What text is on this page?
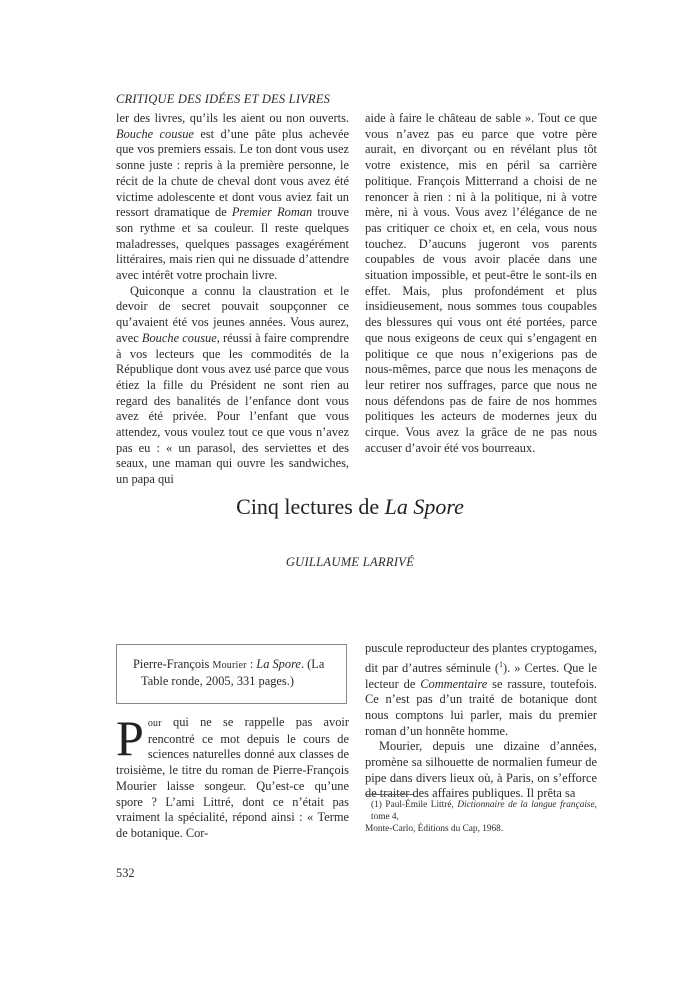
CRITIQUE DES IDÉES ET DES LIVRES

ler des livres, qu’ils les aient ou non ouverts. Bouche cousue est d’une pâte plus achevée que vos premiers essais. Le ton dont vous usez sonne juste : repris à la première personne, le récit de la chute de cheval dont vous avez été victime adolescente et dont vous aviez fait un ressort dramatique de Premier Roman trouve son rythme et sa couleur. Il reste quelques maladresses, quelques passages exagérément littéraires, mais rien qui ne dissuade d’attendre avec intérêt votre prochain livre.

Quiconque a connu la claustration et le devoir de secret pouvait soupçonner ce qu’avaient été vos jeunes années. Vous aurez, avec Bouche cousue, réussi à faire comprendre à vos lecteurs que les commodités de la République dont vous avez usé parce que vous étiez la fille du Président ne sont rien au regard des banalités de l’enfance dont vous avez été privée. Pour l’enfant que vous attendez, vous voulez tout ce que vous n’avez pas eu : « un parasol, des serviettes et des seaux, une maman qui ouvre les sandwiches, un papa qui

aide à faire le château de sable ». Tout ce que vous n’avez pas eu parce que votre père aurait, en divorçant ou en révélant plus tôt votre existence, mis en péril sa carrière politique. François Mitterrand a choisi de ne renoncer à rien : ni à la politique, ni à votre mère, ni à vous. Vous avez l’élégance de ne pas critiquer ce choix et, en cela, vous nous touchez. D’aucuns jugeront vos parents coupables de vous avoir placée dans une situation impossible, et peut-être le sont-ils en effet. Mais, plus profondément et plus insidieusement, nous sommes tous coupables des blessures qui vous ont été portées, parce que nous exigeons de ceux qui s’engagent en politique ce que nous n’exigerions pas de nous-mêmes, parce que nous les menaçons de leur retirer nos suffrages, parce que nous ne nous défendons pas de faire de nos hommes politiques les acteurs de modernes jeux du cirque. Vous avez la grâce de ne pas nous accuser d’avoir été vos bourreaux.

Cinq lectures de La Spore
GUILLAUME LARRIVÉ
Pierre-François Mourier : La Spore. (La
Table ronde, 2005, 331 pages.)

Pour qui ne se rappelle pas avoir rencontré ce mot depuis le cours de sciences naturelles donné aux classes de troisième, le titre du roman de Pierre-François Mourier laisse songeur. Qu’est-ce qu’une spore ? L’ami Littré, dont ce n’était pas vraiment la spécialité, répond ainsi : « Terme de botanique. Cor-

puscule reproducteur des plantes cryptogames, dit par d’autres séminule ($^1$). » Certes. Que le lecteur de Commentaire se rassure, toutefois. Ce n’est pas d’un traité de botanique dont nous comptons lui parler, mais du premier roman d’un honnête homme.

Mourier, depuis une dizaine d’années, promène sa silhouette de normalien fumeur de pipe dans divers lieux où, à Paris, on s’efforce de traiter des affaires publiques. Il prêta sa

(1) Paul-Émile Littré, Dictionnaire de la langue française, tome 4,
Monte-Carlo, Éditions du Cap, 1968.
532
